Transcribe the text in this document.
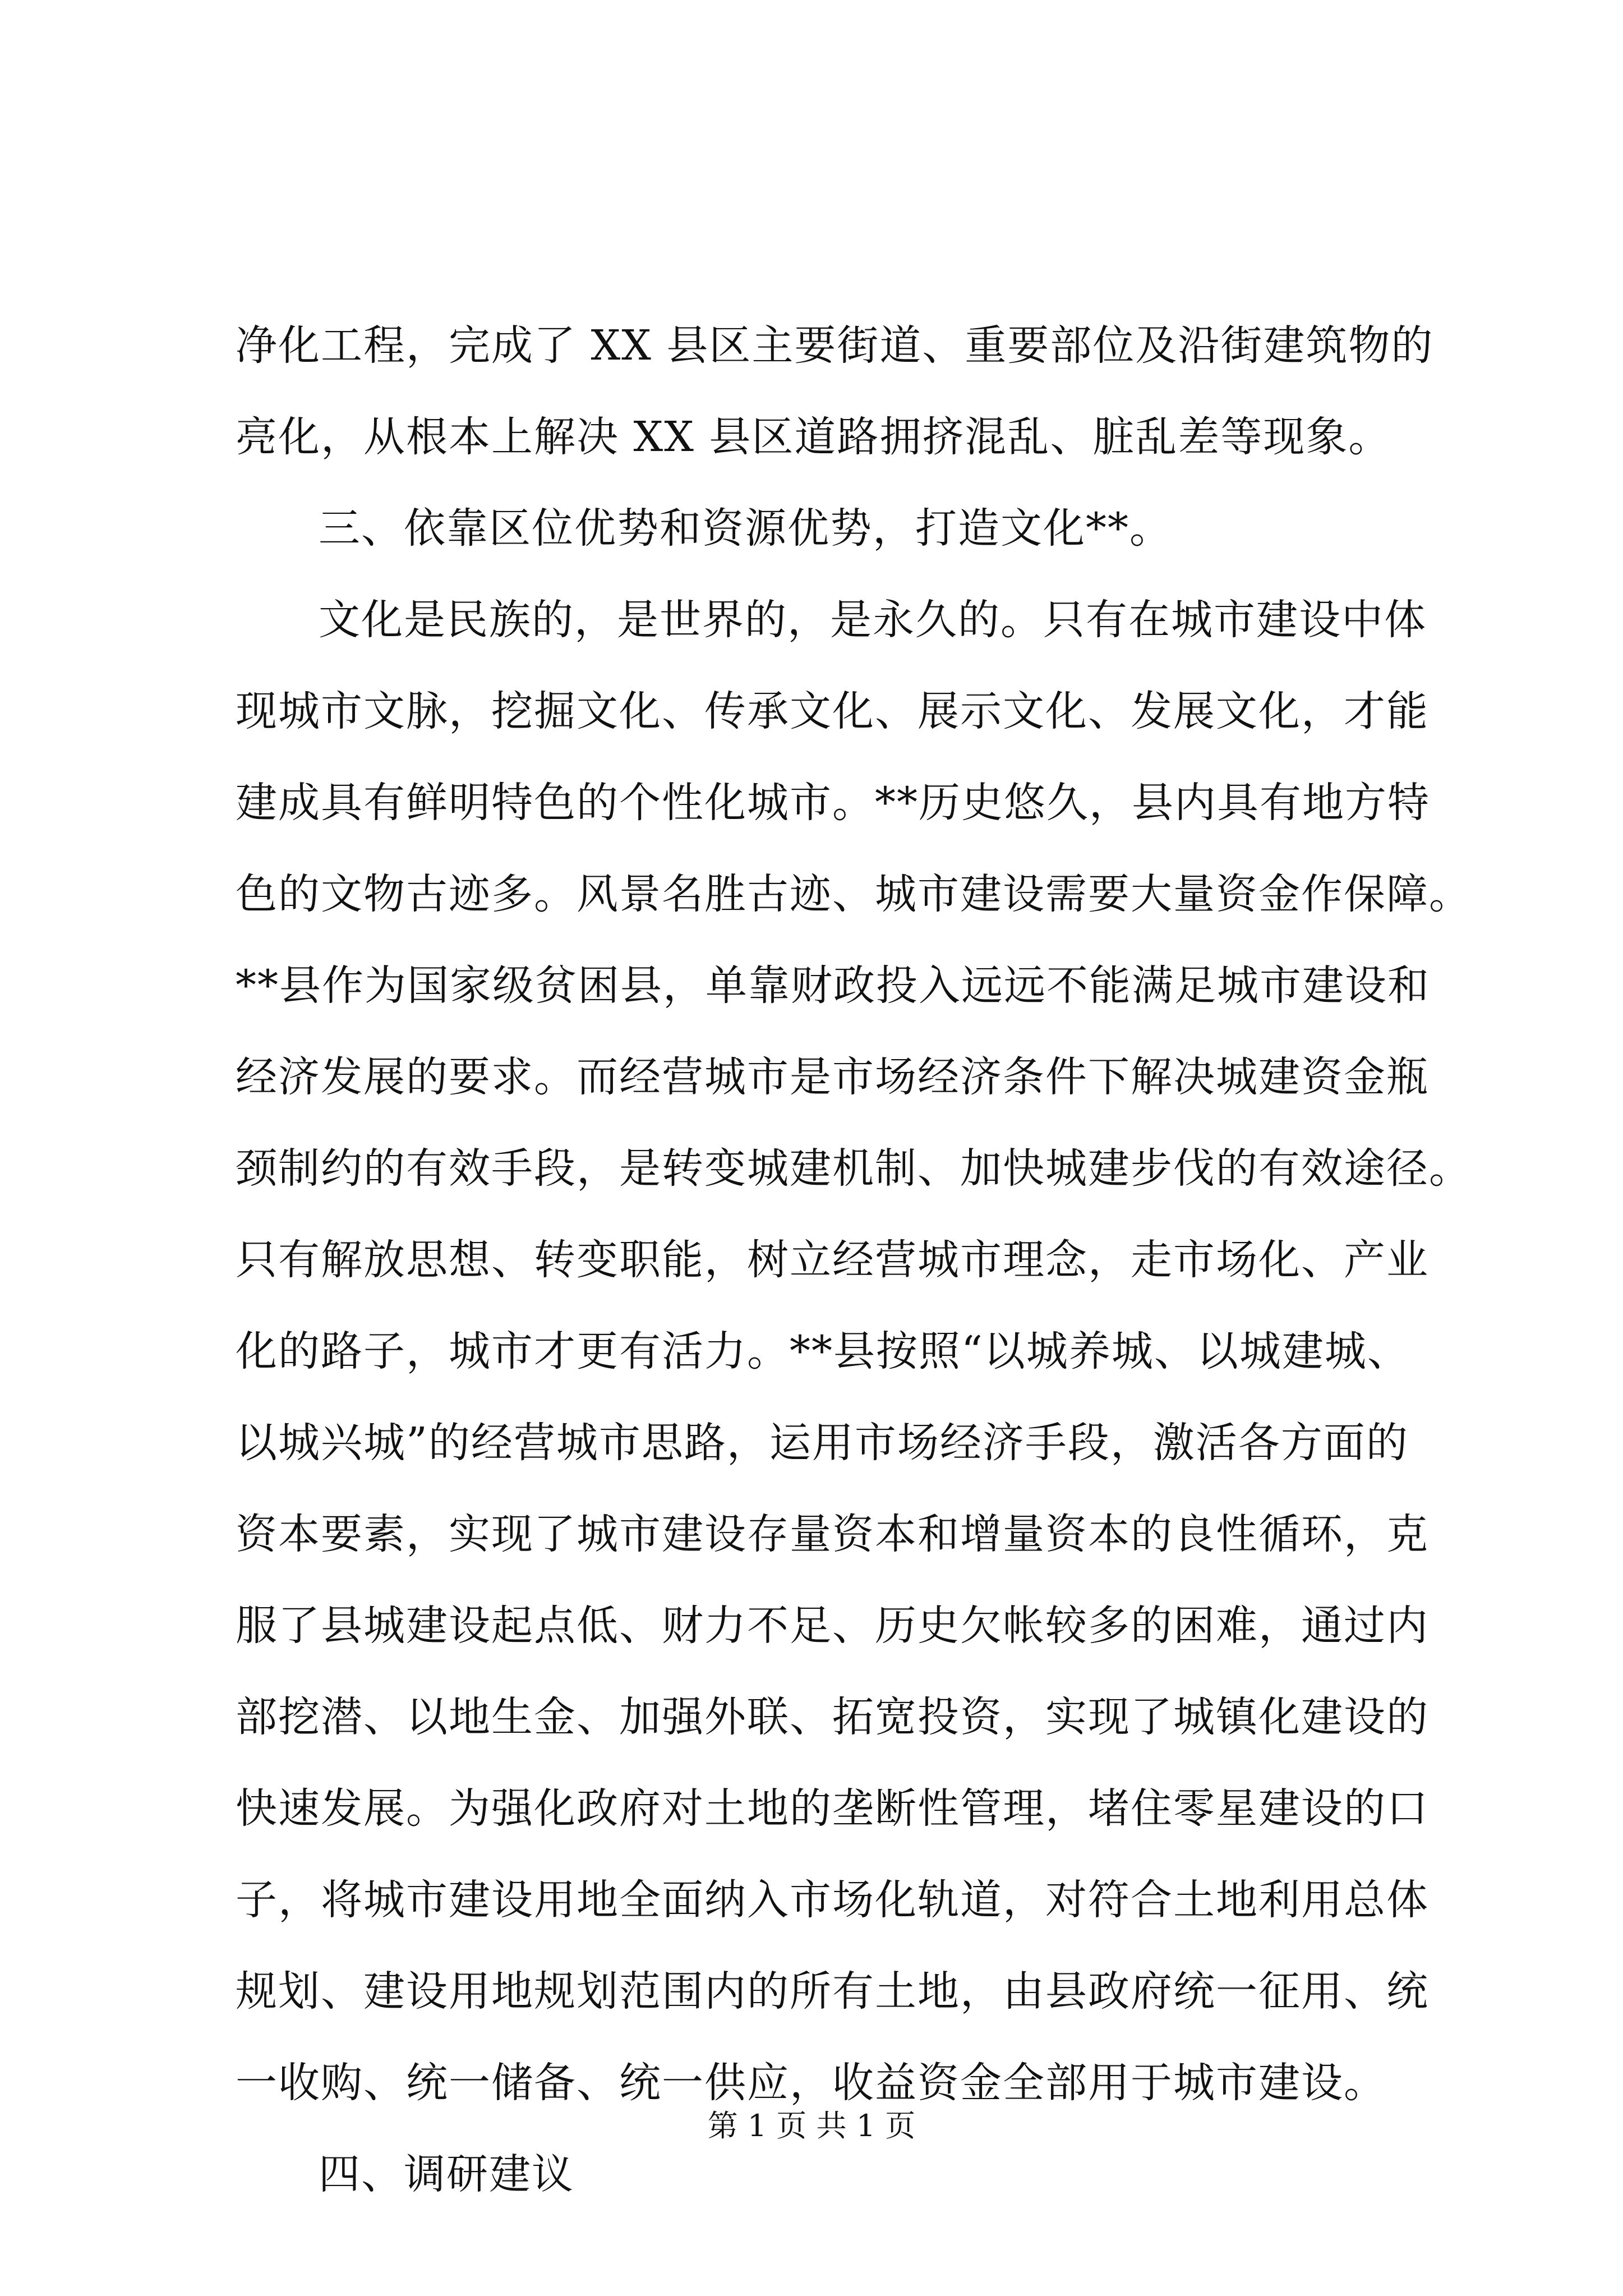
净化工程，完成了 XX 县区主要街道、重要部位及沿街建筑物的
亮化，从根本上解决 XX 县区道路拥挤混乱、脏乱差等现象。
三、依靠区位优势和资源优势，打造文化**。
文化是民族的，是世界的，是永久的。只有在城市建设中体
现城市文脉，挖掘文化、传承文化、展示文化、发展文化，才能
建成具有鲜明特色的个性化城市。**历史悠久，县内具有地方特
色的文物古迹多。风景名胜古迹、城市建设需要大量资金作保障。
**县作为国家级贫困县，单靠财政投入远远不能满足城市建设和
经济发展的要求。而经营城市是市场经济条件下解决城建资金瓶
颈制约的有效手段，是转变城建机制、加快城建步伐的有效途径。
只有解放思想、转变职能，树立经营城市理念，走市场化、产业
化的路子，城市才更有活力。**县按照“以城养城、以城建城、
以城兴城”的经营城市思路，运用市场经济手段，激活各方面的
资本要素，实现了城市建设存量资本和增量资本的良性循环，克
服了县城建设起点低、财力不足、历史欠帐较多的困难，通过内
部挖潜、以地生金、加强外联、拓宽投资，实现了城镇化建设的
快速发展。为强化政府对土地的垄断性管理，堵住零星建设的口
子，将城市建设用地全面纳入市场化轨道，对符合土地利用总体
规划、建设用地规划范围内的所有土地，由县政府统一征用、统
一收购、统一储备、统一供应，收益资金全部用于城市建设。
四、调研建议
第 1 页 共 1 页
